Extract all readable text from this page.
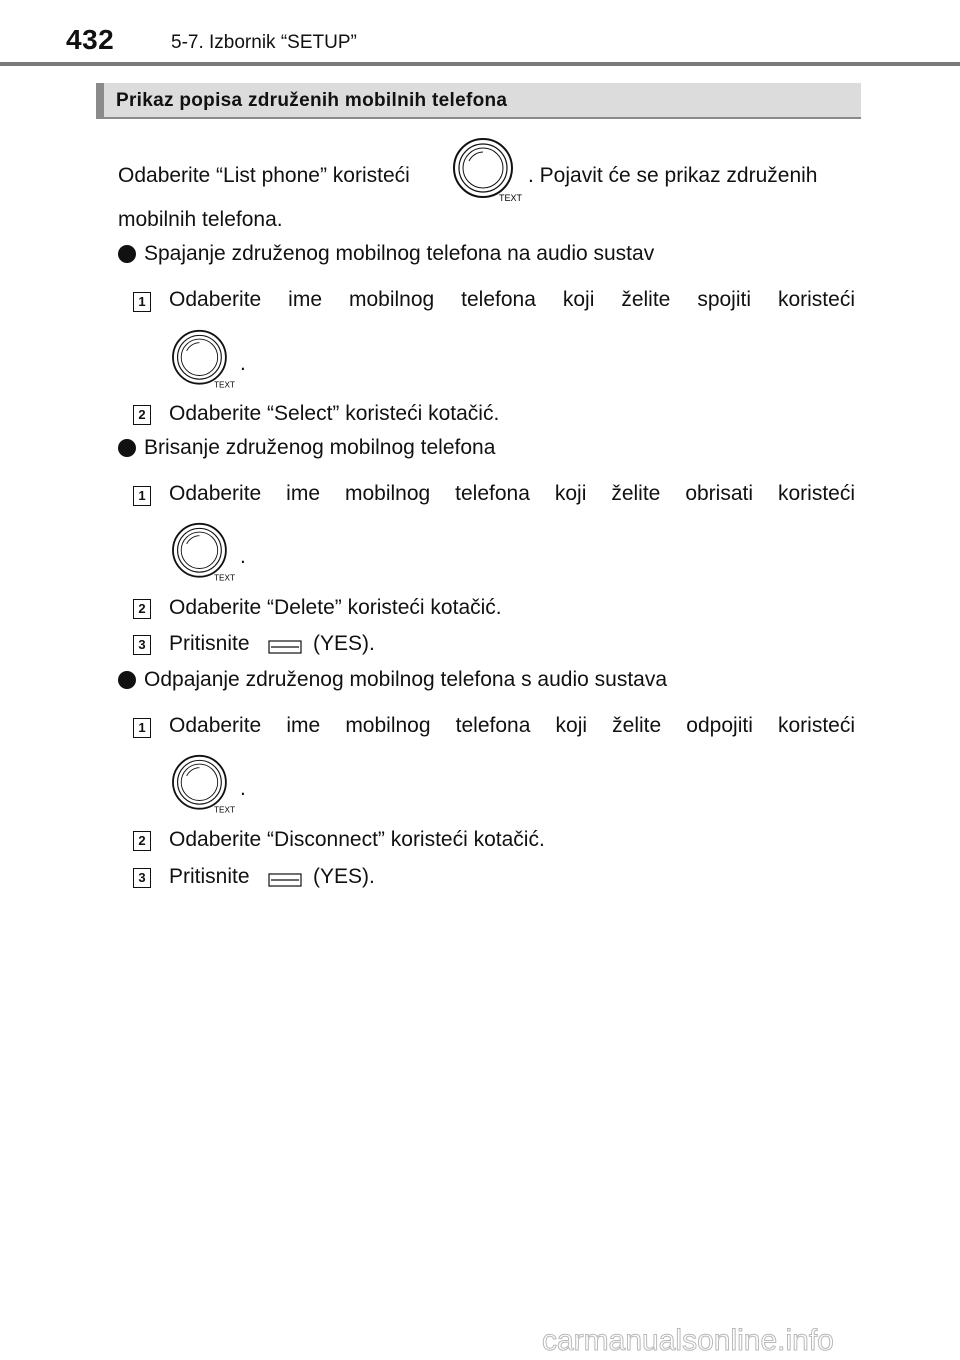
432	5-7. Izbornik “SETUP”
Prikaz popisa združenih mobilnih telefona
Odaberite “List phone” koristeći
TEXT
. Pojavit će se prikaz združenih
mobilnih telefona.
Spajanje združenog mobilnog telefona na audio sustav
1 Odaberite ime mobilnog telefona koji želite spojiti koristeći
TEXT
.
2 Odaberite “Select” koristeći kotačić.
Brisanje združenog mobilnog telefona
1 Odaberite ime mobilnog telefona koji želite obrisati koristeći
TEXT
.
2 Odaberite “Delete” koristeći kotačić.
3 Pritisnite	(YES).
Odpajanje združenog mobilnog telefona s audio sustava
1 Odaberite ime mobilnog telefona koji želite odpojiti koristeći
TEXT
.
2 Odaberite “Disconnect” koristeći kotačić.
3 Pritisnite	(YES).
carmanualsonline.info
